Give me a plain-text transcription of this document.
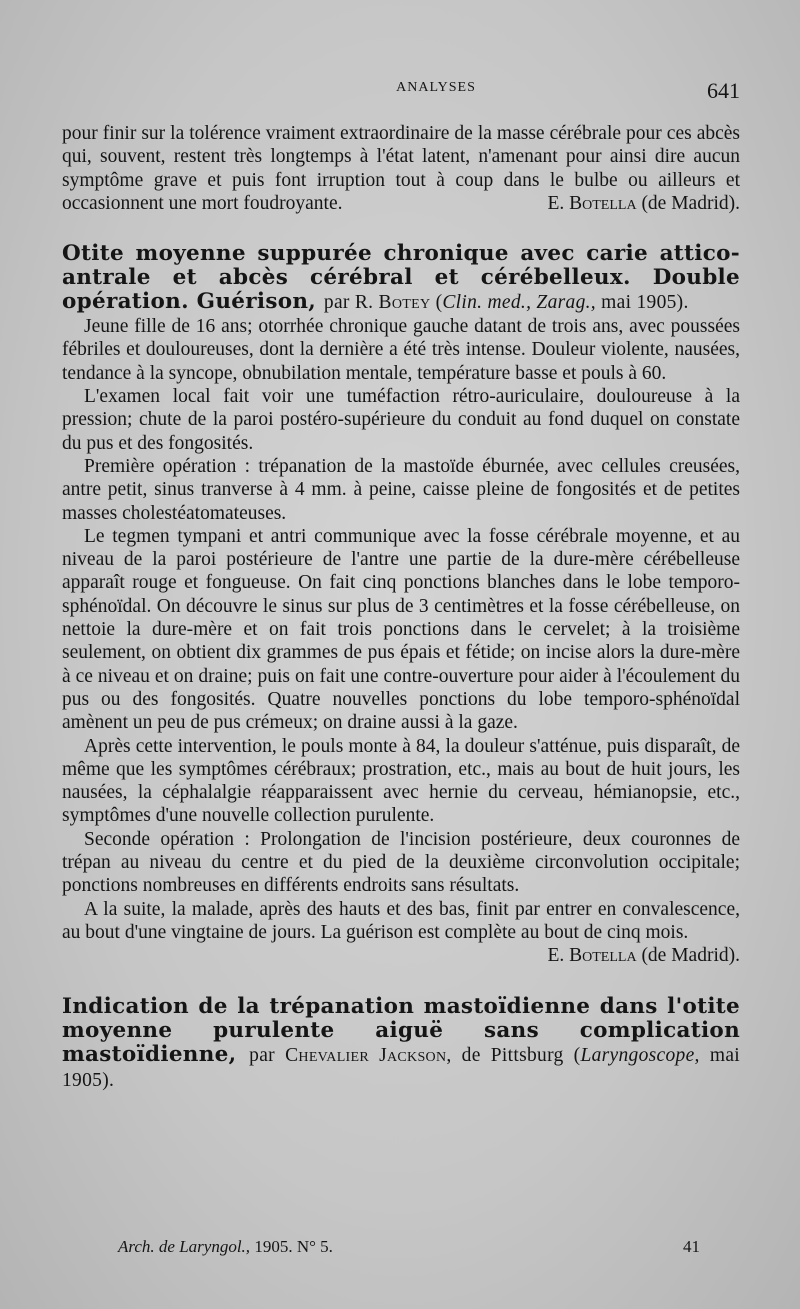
ANALYSES	641

pour finir sur la tolérence vraiment extraordinaire de la masse cérébrale pour ces abcès qui, souvent, restent très longtemps à l'état latent, n'amenant pour ainsi dire aucun symptôme grave et puis font irruption tout à coup dans le bulbe ou ailleurs et occasionnent une mort foudroyante.	E. Botella (de Madrid).

Otite moyenne suppurée chronique avec carie attico-antrale et abcès cérébral et cérébelleux. Double opération. Guérison, par R. Botey (Clin. med., Zarag., mai 1905).

Jeune fille de 16 ans; otorrhée chronique gauche datant de trois ans, avec poussées fébriles et douloureuses, dont la dernière a été très intense. Douleur violente, nausées, tendance à la syncope, obnubilation mentale, température basse et pouls à 60.

L'examen local fait voir une tuméfaction rétro-auriculaire, douloureuse à la pression; chute de la paroi postéro-supérieure du conduit au fond duquel on constate du pus et des fongosités.

Première opération : trépanation de la mastoïde éburnée, avec cellules creusées, antre petit, sinus tranverse à 4 mm. à peine, caisse pleine de fongosités et de petites masses cholestéatomateuses.

Le tegmen tympani et antri communique avec la fosse cérébrale moyenne, et au niveau de la paroi postérieure de l'antre une partie de la dure-mère cérébelleuse apparaît rouge et fongueuse. On fait cinq ponctions blanches dans le lobe temporo-sphénoïdal. On découvre le sinus sur plus de 3 centimètres et la fosse cérébelleuse, on nettoie la dure-mère et on fait trois ponctions dans le cervelet; à la troisième seulement, on obtient dix grammes de pus épais et fétide; on incise alors la dure-mère à ce niveau et on draine; puis on fait une contre-ouverture pour aider à l'écoulement du pus ou des fongosités. Quatre nouvelles ponctions du lobe temporo-sphénoïdal amènent un peu de pus crémeux; on draine aussi à la gaze.

Après cette intervention, le pouls monte à 84, la douleur s'atténue, puis disparaît, de même que les symptômes cérébraux; prostration, etc., mais au bout de huit jours, les nausées, la céphalalgie réapparaissent avec hernie du cerveau, hémianopsie, etc., symptômes d'une nouvelle collection purulente.

Seconde opération : Prolongation de l'incision postérieure, deux couronnes de trépan au niveau du centre et du pied de la deuxième circonvolution occipitale; ponctions nombreuses en différents endroits sans résultats.

A la suite, la malade, après des hauts et des bas, finit par entrer en convalescence, au bout d'une vingtaine de jours. La guérison est complète au bout de cinq mois.
E. Botella (de Madrid).

Indication de la trépanation mastoïdienne dans l'otite moyenne purulente aiguë sans complication mastoïdienne, par Chevalier Jackson, de Pittsburg (Laryngoscope, mai 1905).
Arch. de Laryngol., 1905. N° 5.	41
